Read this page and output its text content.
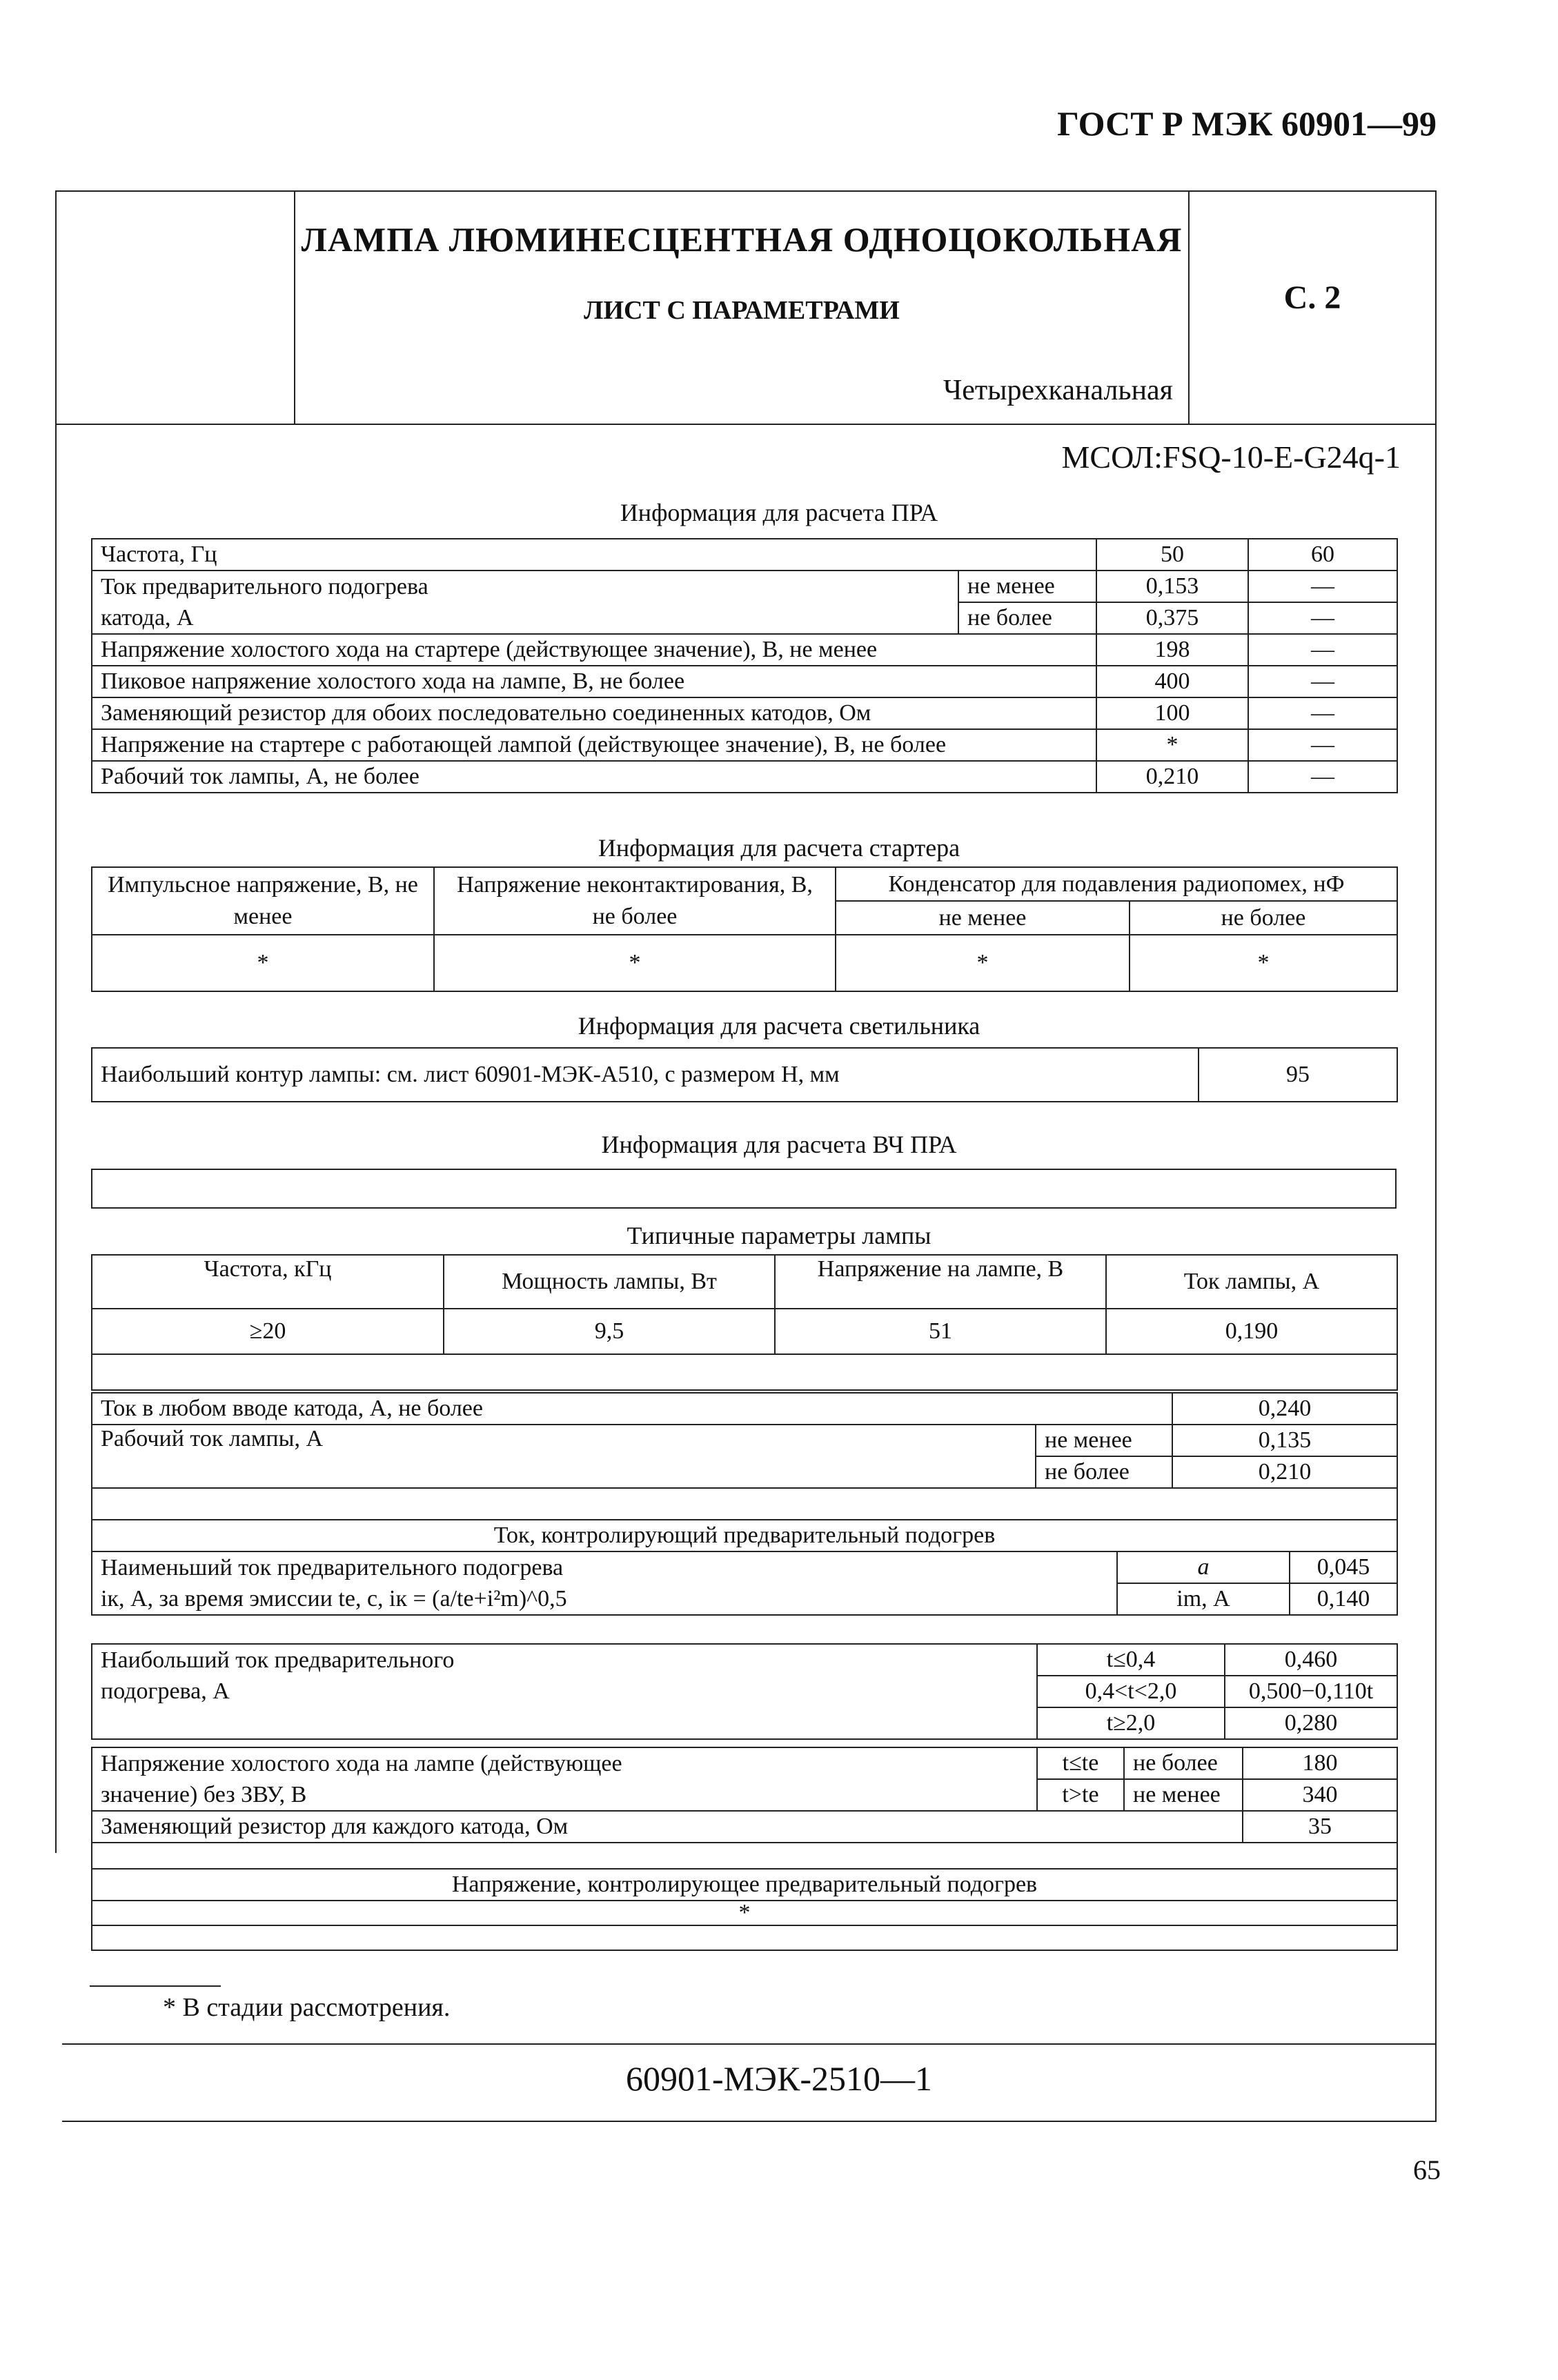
ГОСТ Р МЭК 60901—99
ЛАМПА ЛЮМИНЕСЦЕНТНАЯ ОДНОЦОКОЛЬНАЯ
ЛИСТ С ПАРАМЕТРАМИ
Четырехканальная
С. 2
МСОЛ:FSQ-10-E-G24q-1
Информация для расчета ПРА
Частота, Гц		50	60
Ток предварительного подогрева	не менее	0,153	—
катода, А	не более	0,375	—
Напряжение холостого хода на стартере (действующее значение), В, не менее		198	—
Пиковое напряжение холостого хода на лампе, В, не более		400	—
Заменяющий резистор для обоих последовательно соединенных катодов, Ом		100	—
Напряжение на стартере с работающей лампой (действующее значение), В, не более		*	—
Рабочий ток лампы, А, не более		0,210	—
Информация для расчета стартера
Импульсное напряжение, В, не менее	Напряжение неконтактирования, В, не более	Конденсатор для подавления радиопомех, нФ	
		не менее	не более
*	*	*	*
Информация для расчета светильника
Наибольший контур лампы: см. лист 60901-МЭК-А510, с размером H, мм	95
Информация для расчета ВЧ ПРА
Типичные параметры лампы
Частота, кГц	Мощность лампы, Вт	Напряжение на лампе, В	Ток лампы, А
≥20	9,5	51	0,190

Ток в любом вводе катода, А, не более			0,240	
Рабочий ток лампы, А	не менее		0,135	
	не более		0,210	

Ток, контролирующий предварительный подогрев				
Наименьший ток предварительного подогрева		a		0,045
iк, А, за время эмиссии tе, с, iк = (a/tе+i²m)^0,5		im, А		0,140
Наибольший ток предварительного	t≤0,4	0,460
подогрева, А	0,4<t<2,0	0,500−0,110t
	t≥2,0	0,280
Напряжение холостого хода на лампе (действующее	t≤te	не более	180
значение) без ЗВУ, В	t>te	не менее	340
Заменяющий резистор для каждого катода, Ом			35

Напряжение, контролирующее предварительный подогрев			
*			

* В стадии рассмотрения.
60901-МЭК-2510—1
65
